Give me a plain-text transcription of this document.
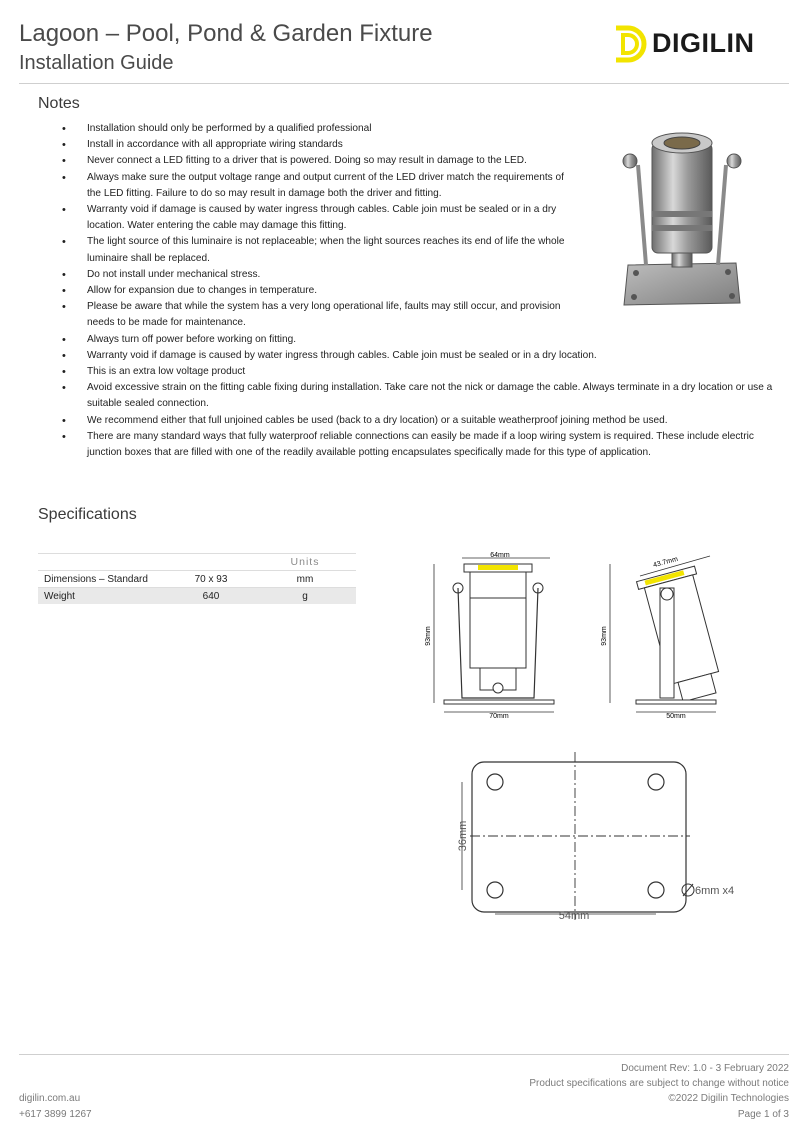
Lagoon – Pool, Pond & Garden Fixture
Installation Guide
DIGILIN
Notes
• Installation should only be performed by a qualified professional
• Install in accordance with all appropriate wiring standards
• Never connect a LED fitting to a driver that is powered. Doing so may result in damage to the LED.
• Always make sure the output voltage range and output current of the LED driver match the requirements of the LED fitting. Failure to do so may result in damage both the driver and fitting.
• Warranty void if damage is caused by water ingress through cables. Cable join must be sealed or in a dry location. Water entering the cable may damage this fitting.
• The light source of this luminaire is not replaceable; when the light sources reaches its end of life the whole luminaire shall be replaced.
• Do not install under mechanical stress.
• Allow for expansion due to changes in temperature.
• Please be aware that while the system has a very long operational life, faults may still occur, and provision needs to be made for maintenance.
• Always turn off power before working on fitting.
• Warranty void if damage is caused by water ingress through cables. Cable join must be sealed or in a dry location.
• This is an extra low voltage product
• Avoid excessive strain on the fitting cable fixing during installation. Take care not the nick or damage the cable. Always terminate in a dry location or use a suitable sealed connection.
• We recommend either that full unjoined cables be used (back to a dry location) or a suitable weatherproof joining method be used.
• There are many standard ways that fully waterproof reliable connections can easily be made if a loop wiring system is required. These include electric junction boxes that are filled with one of the readily available potting encapsulates specifically made for this type of application.
Specifications
		Units
Dimensions – Standard	70 x 93	mm
Weight	640	g
64mm
93mm
70mm
43.7mm
93mm
50mm
36mm
54mm
6mm x4
Document Rev: 1.0 - 3 February 2022
Product specifications are subject to change without notice
©2022 Digilin Technologies
Page 1 of 3
digilin.com.au
+617 3899 1267
